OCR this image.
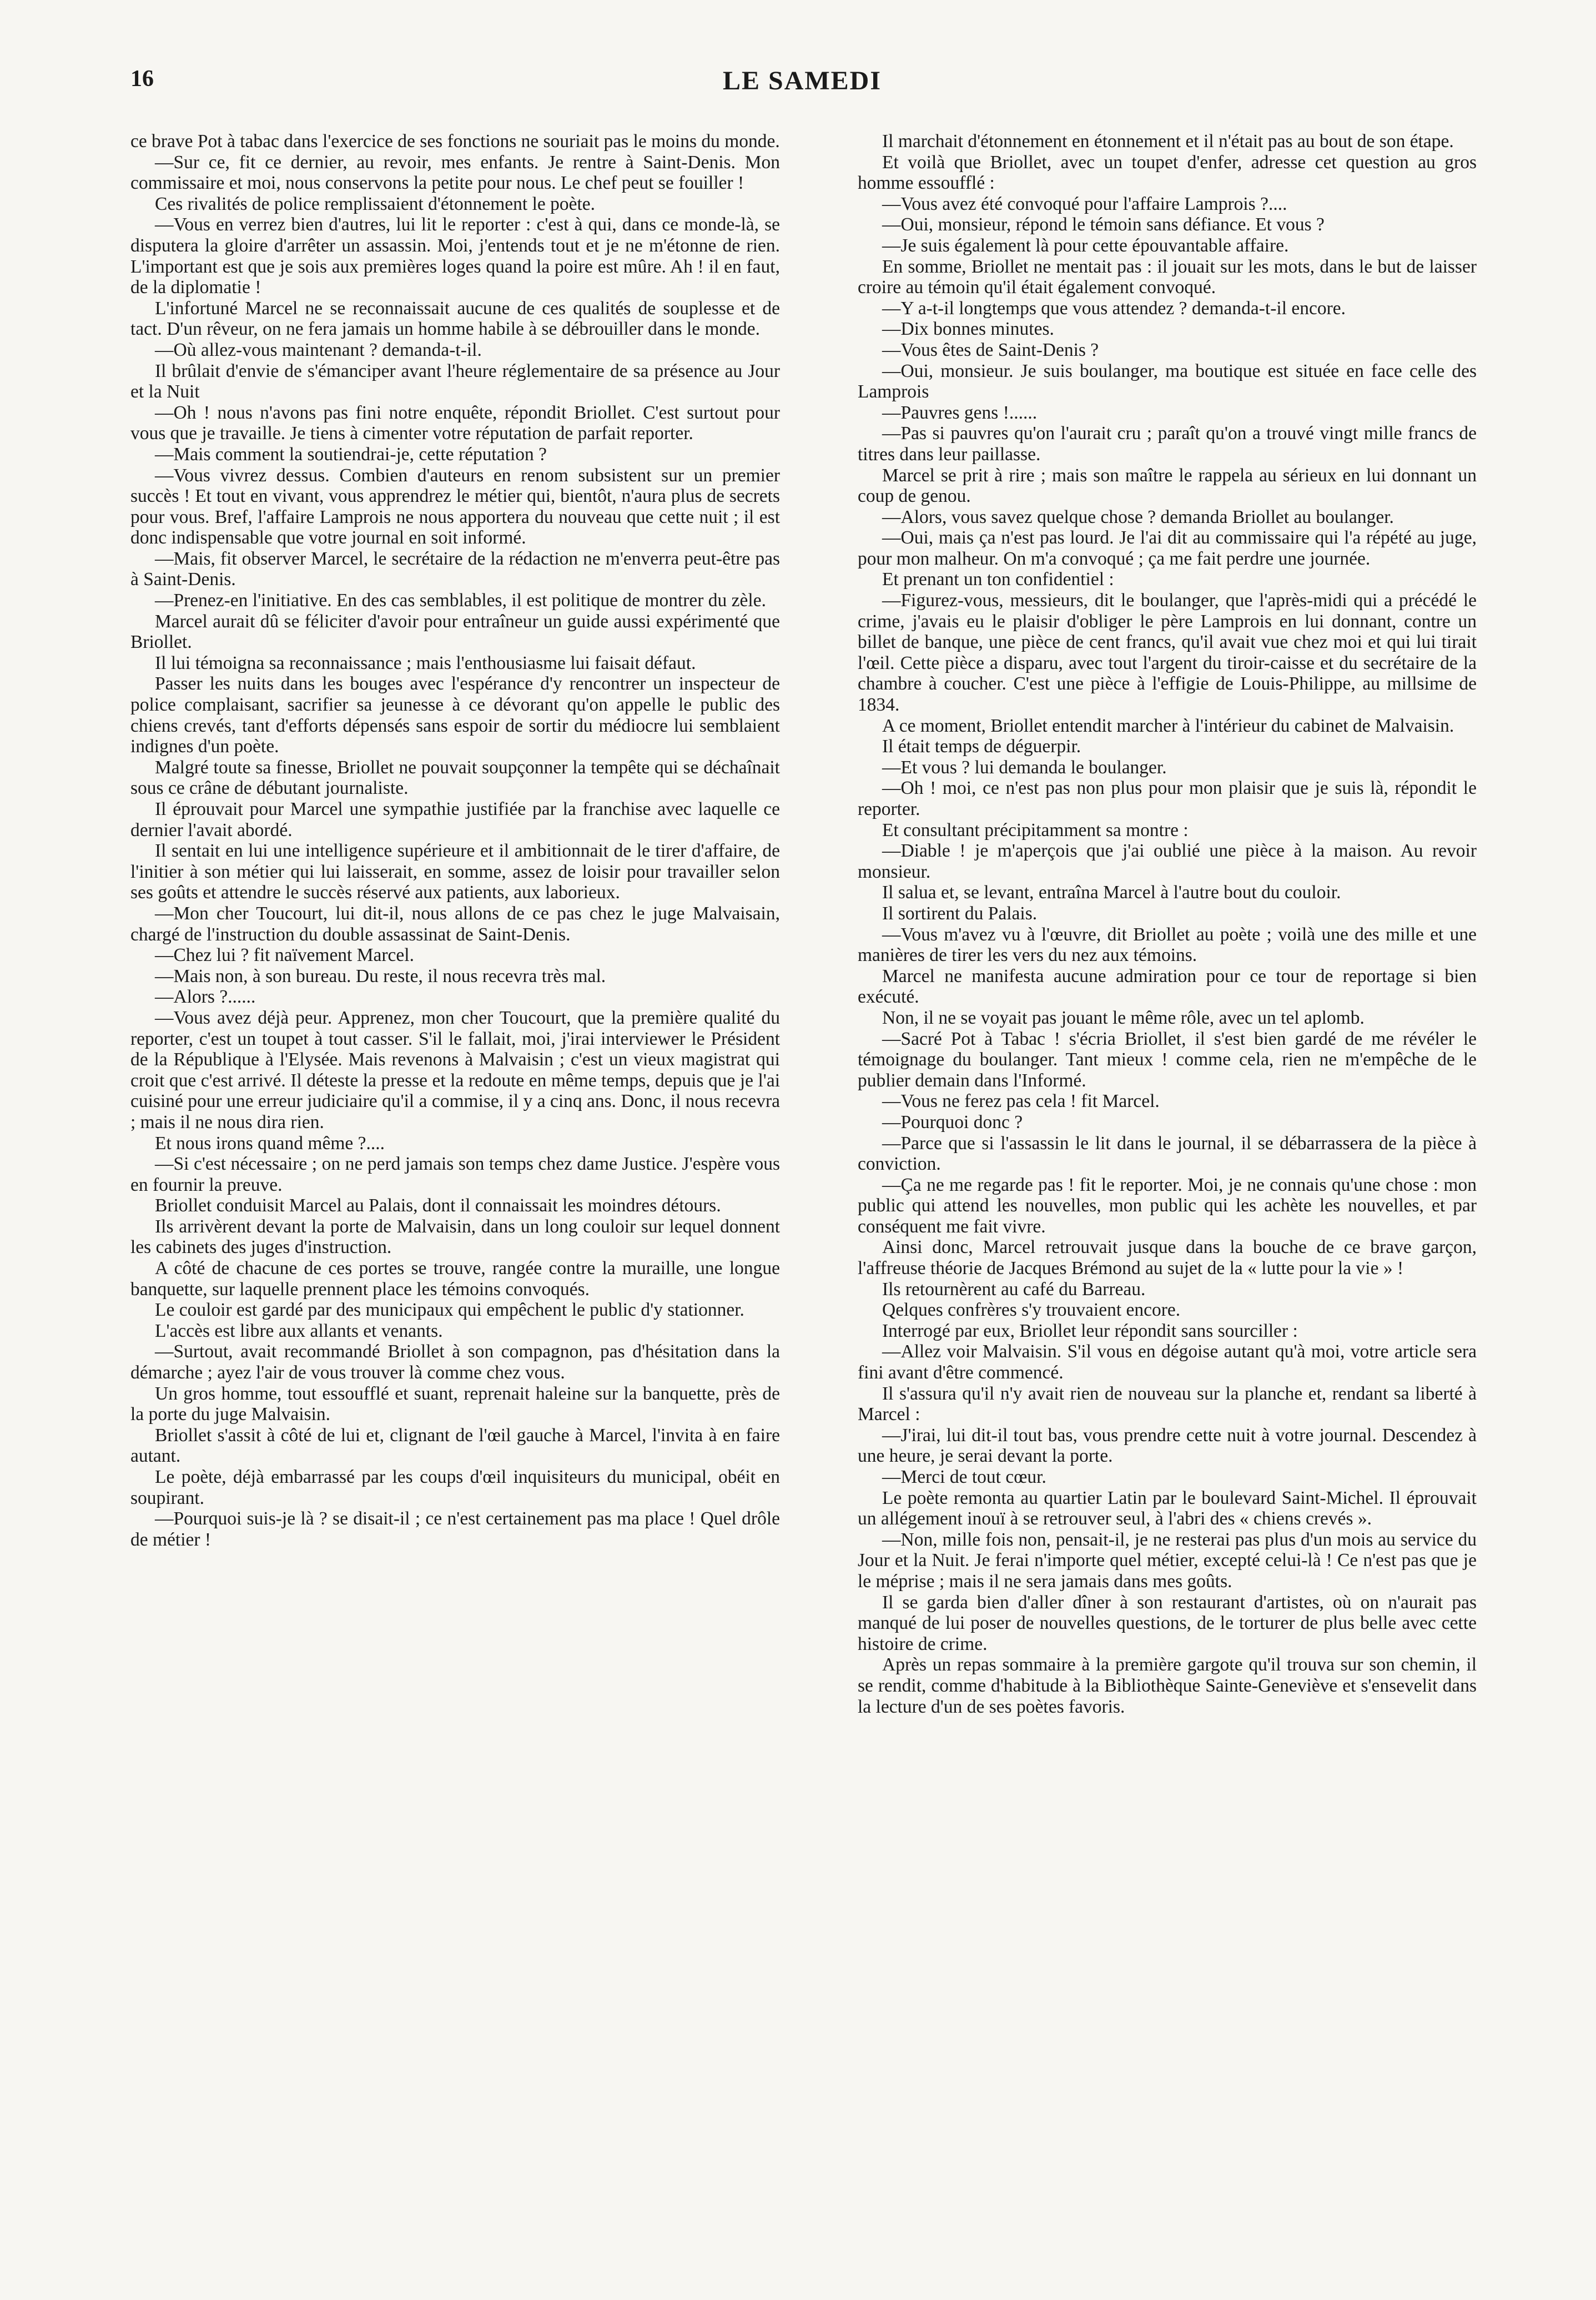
16	LE SAMEDI

ce brave Pot à tabac dans l'exercice de ses fonctions ne souriait pas le moins du monde.

—Sur ce, fit ce dernier, au revoir, mes enfants. Je rentre à Saint-Denis. Mon commissaire et moi, nous conservons la petite pour nous. Le chef peut se fouiller !

Ces rivalités de police remplissaient d'étonnement le poète.

—Vous en verrez bien d'autres, lui lit le reporter : c'est à qui, dans ce monde-là, se disputera la gloire d'arrêter un assassin. Moi, j'entends tout et je ne m'étonne de rien. L'important est que je sois aux premières loges quand la poire est mûre. Ah ! il en faut, de la diplomatie !

L'infortuné Marcel ne se reconnaissait aucune de ces qualités de souplesse et de tact. D'un rêveur, on ne fera jamais un homme habile à se débrouiller dans le monde.

—Où allez-vous maintenant ? demanda-t-il.

Il brûlait d'envie de s'émanciper avant l'heure réglementaire de sa présence au Jour et la Nuit

—Oh ! nous n'avons pas fini notre enquête, répondit Briollet. C'est surtout pour vous que je travaille. Je tiens à cimenter votre réputation de parfait reporter.

—Mais comment la soutiendrai-je, cette réputation ?

—Vous vivrez dessus. Combien d'auteurs en renom subsistent sur un premier succès ! Et tout en vivant, vous apprendrez le métier qui, bientôt, n'aura plus de secrets pour vous. Bref, l'affaire Lamprois ne nous apportera du nouveau que cette nuit ; il est donc indispensable que votre journal en soit informé.

—Mais, fit observer Marcel, le secrétaire de la rédaction ne m'enverra peut-être pas à Saint-Denis.

—Prenez-en l'initiative. En des cas semblables, il est politique de montrer du zèle.

Marcel aurait dû se féliciter d'avoir pour entraîneur un guide aussi expérimenté que Briollet.

Il lui témoigna sa reconnaissance ; mais l'enthousiasme lui faisait défaut.

Passer les nuits dans les bouges avec l'espérance d'y rencontrer un inspecteur de police complaisant, sacrifier sa jeunesse à ce dévorant qu'on appelle le public des chiens crevés, tant d'efforts dépensés sans espoir de sortir du médiocre lui semblaient indignes d'un poète.

Malgré toute sa finesse, Briollet ne pouvait soupçonner la tempête qui se déchaînait sous ce crâne de débutant journaliste.

Il éprouvait pour Marcel une sympathie justifiée par la franchise avec laquelle ce dernier l'avait abordé.

Il sentait en lui une intelligence supérieure et il ambitionnait de le tirer d'affaire, de l'initier à son métier qui lui laisserait, en somme, assez de loisir pour travailler selon ses goûts et attendre le succès réservé aux patients, aux laborieux.

—Mon cher Toucourt, lui dit-il, nous allons de ce pas chez le juge Malvaisain, chargé de l'instruction du double assassinat de Saint-Denis.

—Chez lui ? fit naïvement Marcel.

—Mais non, à son bureau. Du reste, il nous recevra très mal.

—Alors ?......

—Vous avez déjà peur. Apprenez, mon cher Toucourt, que la première qualité du reporter, c'est un toupet à tout casser. S'il le fallait, moi, j'irai interviewer le Président de la République à l'Elysée. Mais revenons à Malvaisin ; c'est un vieux magistrat qui croit que c'est arrivé. Il déteste la presse et la redoute en même temps, depuis que je l'ai cuisiné pour une erreur judiciaire qu'il a commise, il y a cinq ans. Donc, il nous recevra ; mais il ne nous dira rien.

Et nous irons quand même ?....

—Si c'est nécessaire ; on ne perd jamais son temps chez dame Justice. J'espère vous en fournir la preuve.

Briollet conduisit Marcel au Palais, dont il connaissait les moindres détours.

Ils arrivèrent devant la porte de Malvaisin, dans un long couloir sur lequel donnent les cabinets des juges d'instruction.

A côté de chacune de ces portes se trouve, rangée contre la muraille, une longue banquette, sur laquelle prennent place les témoins convoqués.

Le couloir est gardé par des municipaux qui empêchent le public d'y stationner.

L'accès est libre aux allants et venants.

—Surtout, avait recommandé Briollet à son compagnon, pas d'hésitation dans la démarche ; ayez l'air de vous trouver là comme chez vous.

Un gros homme, tout essoufflé et suant, reprenait haleine sur la banquette, près de la porte du juge Malvaisin.

Briollet s'assit à côté de lui et, clignant de l'œil gauche à Marcel, l'invita à en faire autant.

Le poète, déjà embarrassé par les coups d'œil inquisiteurs du municipal, obéit en soupirant.

—Pourquoi suis-je là ? se disait-il ; ce n'est certainement pas ma place ! Quel drôle de métier !

Il marchait d'étonnement en étonnement et il n'était pas au bout de son étape.

Et voilà que Briollet, avec un toupet d'enfer, adresse cet question au gros homme essoufflé :

—Vous avez été convoqué pour l'affaire Lamprois ?....

—Oui, monsieur, répond le témoin sans défiance. Et vous ?

—Je suis également là pour cette épouvantable affaire.

En somme, Briollet ne mentait pas : il jouait sur les mots, dans le but de laisser croire au témoin qu'il était également convoqué.

—Y a-t-il longtemps que vous attendez ? demanda-t-il encore.

—Dix bonnes minutes.

—Vous êtes de Saint-Denis ?

—Oui, monsieur. Je suis boulanger, ma boutique est située en face celle des Lamprois

—Pauvres gens !......

—Pas si pauvres qu'on l'aurait cru ; paraît qu'on a trouvé vingt mille francs de titres dans leur paillasse.

Marcel se prit à rire ; mais son maître le rappela au sérieux en lui donnant un coup de genou.

—Alors, vous savez quelque chose ? demanda Briollet au boulanger.

—Oui, mais ça n'est pas lourd. Je l'ai dit au commissaire qui l'a répété au juge, pour mon malheur. On m'a convoqué ; ça me fait perdre une journée.

Et prenant un ton confidentiel :

—Figurez-vous, messieurs, dit le boulanger, que l'après-midi qui a précédé le crime, j'avais eu le plaisir d'obliger le père Lamprois en lui donnant, contre un billet de banque, une pièce de cent francs, qu'il avait vue chez moi et qui lui tirait l'œil. Cette pièce a disparu, avec tout l'argent du tiroir-caisse et du secrétaire de la chambre à coucher. C'est une pièce à l'effigie de Louis-Philippe, au millsime de 1834.

A ce moment, Briollet entendit marcher à l'intérieur du cabinet de Malvaisin.

Il était temps de déguerpir.

—Et vous ? lui demanda le boulanger.

—Oh ! moi, ce n'est pas non plus pour mon plaisir que je suis là, répondit le reporter.

Et consultant précipitamment sa montre :

—Diable ! je m'aperçois que j'ai oublié une pièce à la maison. Au revoir monsieur.

Il salua et, se levant, entraîna Marcel à l'autre bout du couloir.

Il sortirent du Palais.

—Vous m'avez vu à l'œuvre, dit Briollet au poète ; voilà une des mille et une manières de tirer les vers du nez aux témoins.

Marcel ne manifesta aucune admiration pour ce tour de reportage si bien exécuté.

Non, il ne se voyait pas jouant le même rôle, avec un tel aplomb.

—Sacré Pot à Tabac ! s'écria Briollet, il s'est bien gardé de me révéler le témoignage du boulanger. Tant mieux ! comme cela, rien ne m'empêche de le publier demain dans l'Informé.

—Vous ne ferez pas cela ! fit Marcel.

—Pourquoi donc ?

—Parce que si l'assassin le lit dans le journal, il se débarrassera de la pièce à conviction.

—Ça ne me regarde pas ! fit le reporter. Moi, je ne connais qu'une chose : mon public qui attend les nouvelles, mon public qui les achète les nouvelles, et par conséquent me fait vivre.

Ainsi donc, Marcel retrouvait jusque dans la bouche de ce brave garçon, l'affreuse théorie de Jacques Brémond au sujet de la « lutte pour la vie » !

Ils retournèrent au café du Barreau.

Qelques confrères s'y trouvaient encore.

Interrogé par eux, Briollet leur répondit sans sourciller :

—Allez voir Malvaisin. S'il vous en dégoise autant qu'à moi, votre article sera fini avant d'être commencé.

Il s'assura qu'il n'y avait rien de nouveau sur la planche et, rendant sa liberté à Marcel :

—J'irai, lui dit-il tout bas, vous prendre cette nuit à votre journal. Descendez à une heure, je serai devant la porte.

—Merci de tout cœur.

Le poète remonta au quartier Latin par le boulevard Saint-Michel. Il éprouvait un allégement inouï à se retrouver seul, à l'abri des « chiens crevés ».

—Non, mille fois non, pensait-il, je ne resterai pas plus d'un mois au service du Jour et la Nuit. Je ferai n'importe quel métier, excepté celui-là ! Ce n'est pas que je le méprise ; mais il ne sera jamais dans mes goûts.

Il se garda bien d'aller dîner à son restaurant d'artistes, où on n'aurait pas manqué de lui poser de nouvelles questions, de le torturer de plus belle avec cette histoire de crime.

Après un repas sommaire à la première gargote qu'il trouva sur son chemin, il se rendit, comme d'habitude à la Bibliothèque Sainte-Geneviève et s'ensevelit dans la lecture d'un de ses poètes favoris.
